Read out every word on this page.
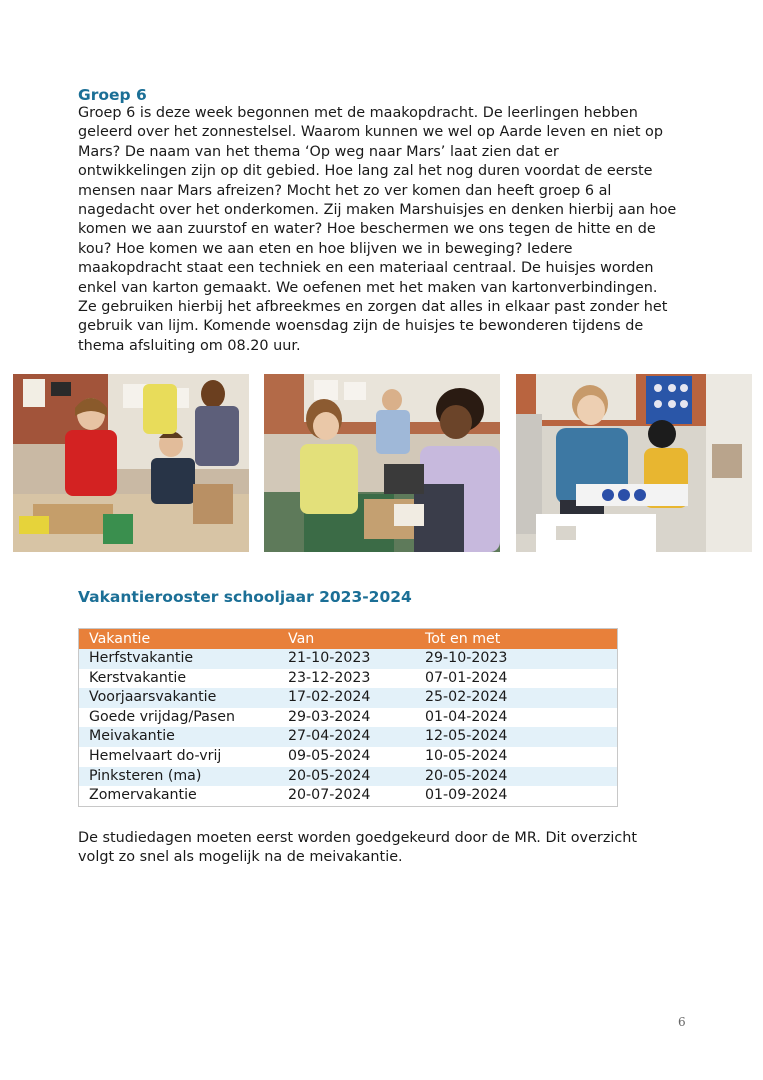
Groep 6

Groep 6 is deze week begonnen met de maakopdracht. De leerlingen hebben
geleerd over het zonnestelsel. Waarom kunnen we wel op Aarde leven en niet op
Mars? De naam van het thema ‘Op weg naar Mars’ laat zien dat er
ontwikkelingen zijn op dit gebied. Hoe lang zal het nog duren voordat de eerste
mensen naar Mars afreizen? Mocht het zo ver komen dan heeft groep 6 al
nagedacht over het onderkomen. Zij maken Marshuisjes en denken hierbij aan hoe
komen we aan zuurstof en water? Hoe beschermen we ons tegen de hitte en de
kou? Hoe komen we aan eten en hoe blijven we in beweging? Iedere
maakopdracht staat een techniek en een materiaal centraal. De huisjes worden
enkel van karton gemaakt. We oefenen met het maken van kartonverbindingen.
Ze gebruiken hierbij het afbreekmes en zorgen dat alles in elkaar past zonder het
gebruik van lijm. Komende woensdag zijn de huisjes te bewonderen tijdens de
thema afsluiting om 08.20 uur.

Vakantierooster schooljaar 2023-2024
Vakantie	Van	Tot en met
Herfstvakantie	21-10-2023	29-10-2023
Kerstvakantie	23-12-2023	07-01-2024
Voorjaarsvakantie	17-02-2024	25-02-2024
Goede vrijdag/Pasen	29-03-2024	01-04-2024
Meivakantie	27-04-2024	12-05-2024
Hemelvaart do-vrij	09-05-2024	10-05-2024
Pinksteren (ma)	20-05-2024	20-05-2024
Zomervakantie	20-07-2024	01-09-2024

De studiedagen moeten eerst worden goedgekeurd door de MR. Dit overzicht
volgt zo snel als mogelijk na de meivakantie.

6
